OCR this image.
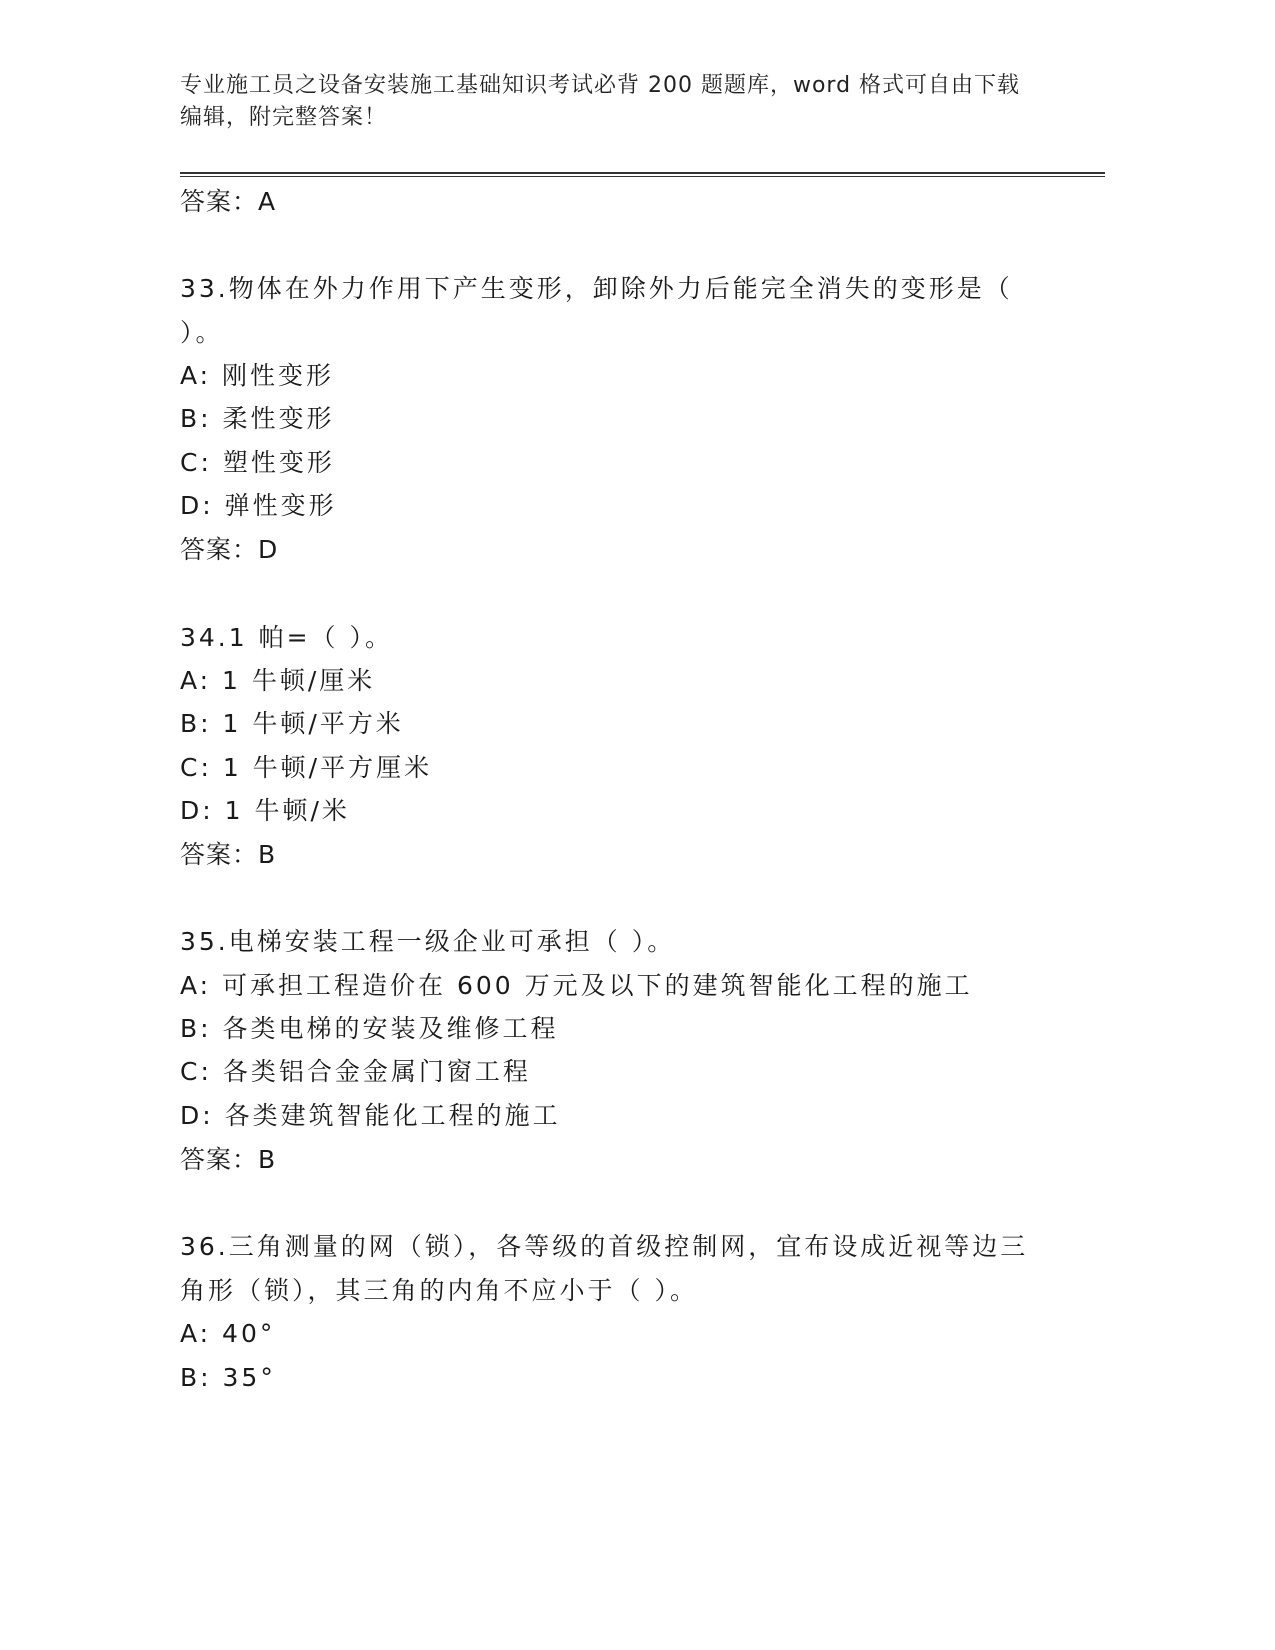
专业施工员之设备安装施工基础知识考试必背 200 题题库，word 格式可自由下载
编辑，附完整答案！
答案：A
33.物体在外力作用下产生变形，卸除外力后能完全消失的变形是（
）。
A: 刚性变形
B: 柔性变形
C: 塑性变形
D: 弹性变形
答案：D
34.1 帕=（ ）。
A: 1 牛顿/厘米
B: 1 牛顿/平方米
C: 1 牛顿/平方厘米
D: 1 牛顿/米
答案：B
35.电梯安装工程一级企业可承担（ ）。
A: 可承担工程造价在 600 万元及以下的建筑智能化工程的施工
B: 各类电梯的安装及维修工程
C: 各类铝合金金属门窗工程
D: 各类建筑智能化工程的施工
答案：B
36.三角测量的网（锁），各等级的首级控制网，宜布设成近视等边三
角形（锁），其三角的内角不应小于（ ）。
A: 40°
B: 35°
